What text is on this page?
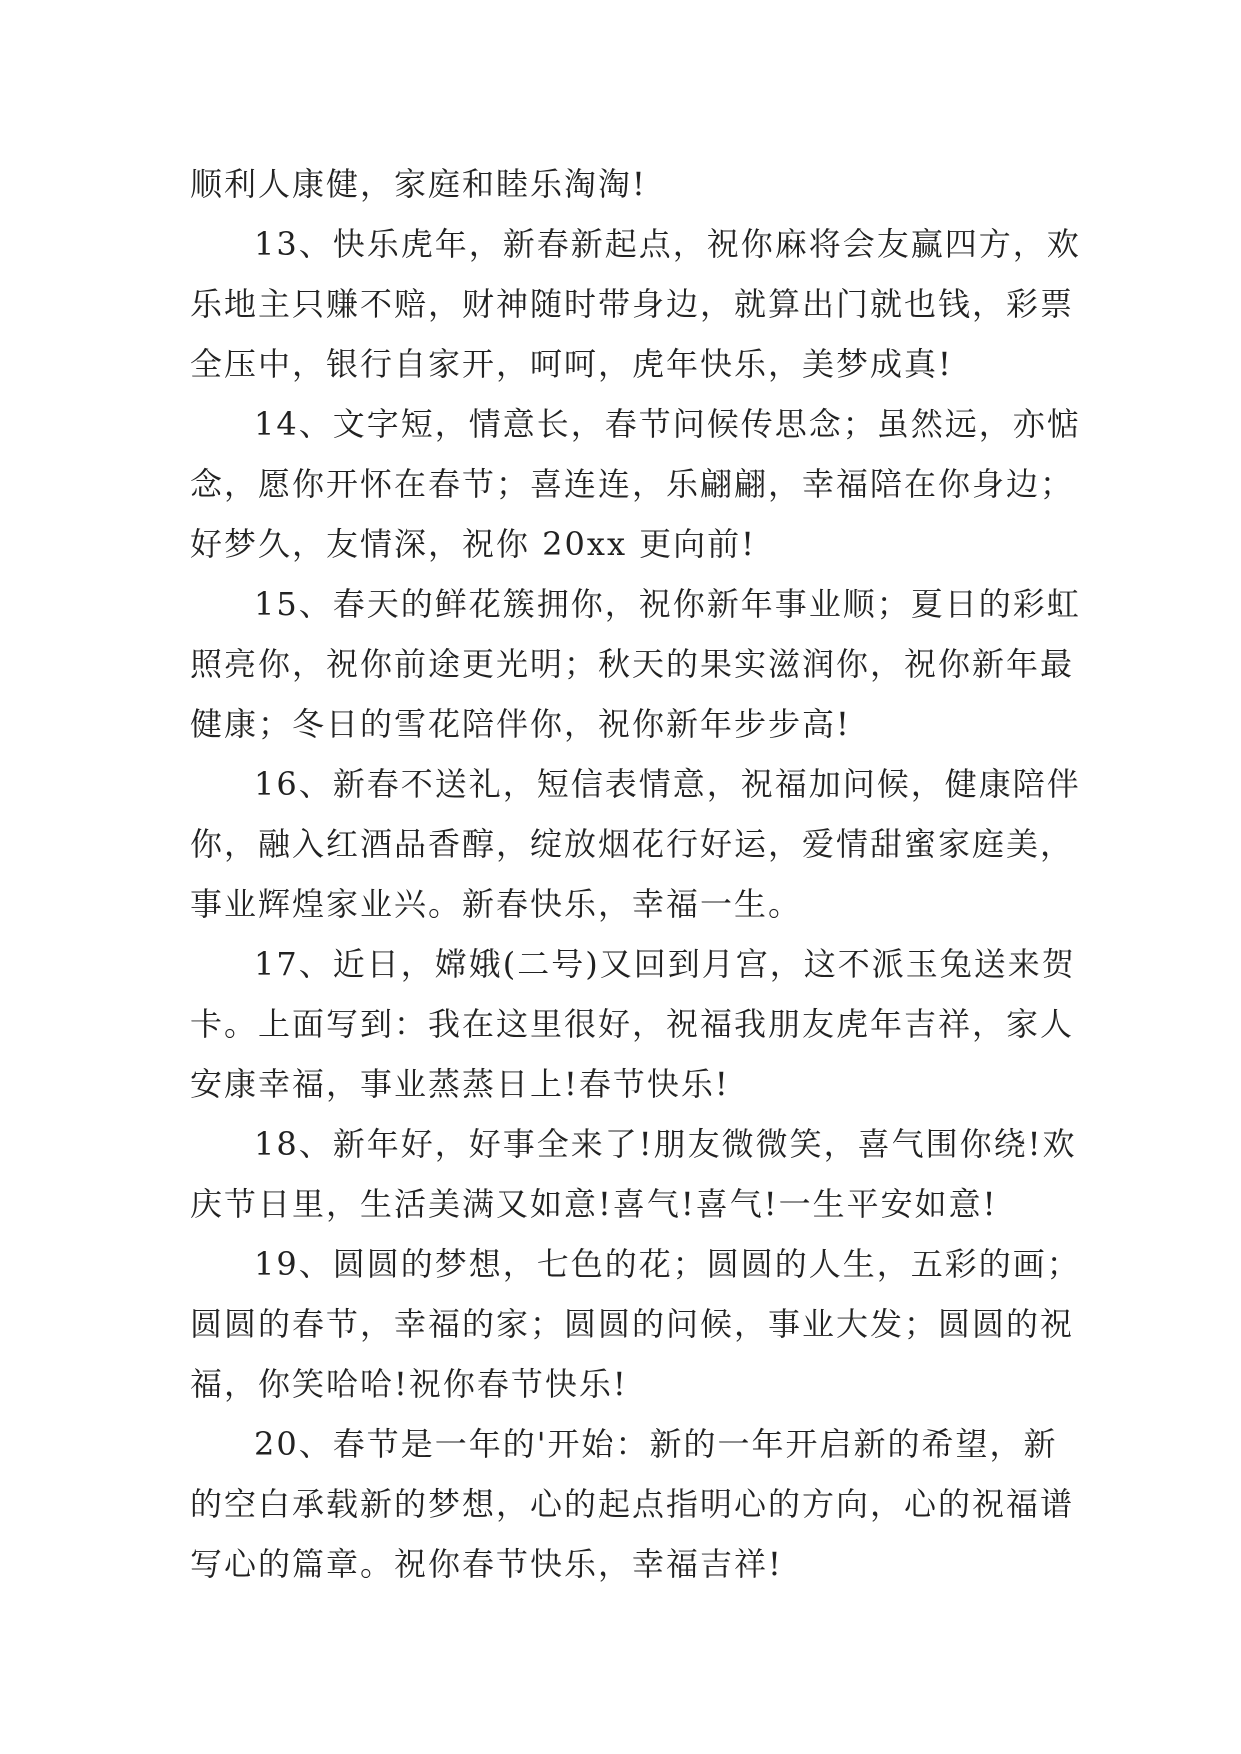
顺利人康健，家庭和睦乐淘淘!
13、快乐虎年，新春新起点，祝你麻将会友赢四方，欢
乐地主只赚不赔，财神随时带身边，就算出门就也钱，彩票
全压中，银行自家开，呵呵，虎年快乐，美梦成真!
14、文字短，情意长，春节问候传思念；虽然远，亦惦
念，愿你开怀在春节；喜连连，乐翩翩，幸福陪在你身边；
好梦久，友情深，祝你 20xx 更向前!
15、春天的鲜花簇拥你，祝你新年事业顺；夏日的彩虹
照亮你，祝你前途更光明；秋天的果实滋润你，祝你新年最
健康；冬日的雪花陪伴你，祝你新年步步高!
16、新春不送礼，短信表情意，祝福加问候，健康陪伴
你，融入红酒品香醇，绽放烟花行好运，爱情甜蜜家庭美，
事业辉煌家业兴。新春快乐，幸福一生。
17、近日，嫦娥(二号)又回到月宫，这不派玉兔送来贺
卡。上面写到：我在这里很好，祝福我朋友虎年吉祥，家人
安康幸福，事业蒸蒸日上!春节快乐!
18、新年好，好事全来了!朋友微微笑，喜气围你绕!欢
庆节日里，生活美满又如意!喜气!喜气!一生平安如意!
19、圆圆的梦想，七色的花；圆圆的人生，五彩的画；
圆圆的春节，幸福的家；圆圆的问候，事业大发；圆圆的祝
福，你笑哈哈!祝你春节快乐!
20、春节是一年的'开始：新的一年开启新的希望，新
的空白承载新的梦想，心的起点指明心的方向，心的祝福谱
写心的篇章。祝你春节快乐，幸福吉祥!
